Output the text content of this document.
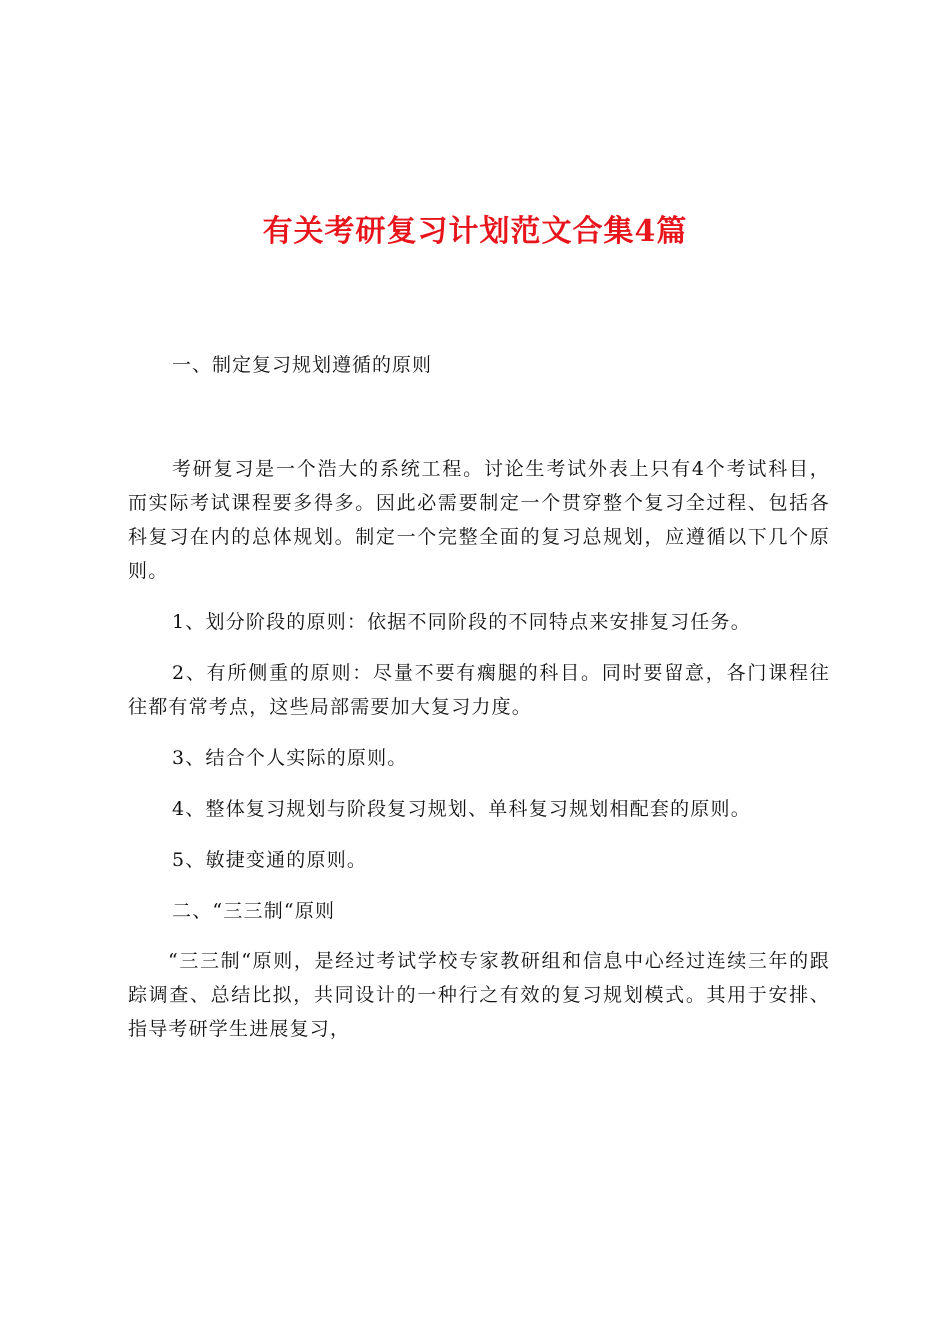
有关考研复习计划范文合集4篇

一、制定复习规划遵循的原则

考研复习是一个浩大的系统工程。讨论生考试外表上只有4个考试科目，而实际考试课程要多得多。因此必需要制定一个贯穿整个复习全过程、包括各科复习在内的总体规划。制定一个完整全面的复习总规划，应遵循以下几个原则。

1、划分阶段的原则：依据不同阶段的不同特点来安排复习任务。

2、有所侧重的原则：尽量不要有瘸腿的科目。同时要留意，各门课程往往都有常考点，这些局部需要加大复习力度。

3、结合个人实际的原则。

4、整体复习规划与阶段复习规划、单科复习规划相配套的原则。

5、敏捷变通的原则。

二、“三三制“原则

“三三制“原则，是经过考试学校专家教研组和信息中心经过连续三年的跟踪调查、总结比拟，共同设计的一种行之有效的复习规划模式。其用于安排、指导考研学生进展复习，
